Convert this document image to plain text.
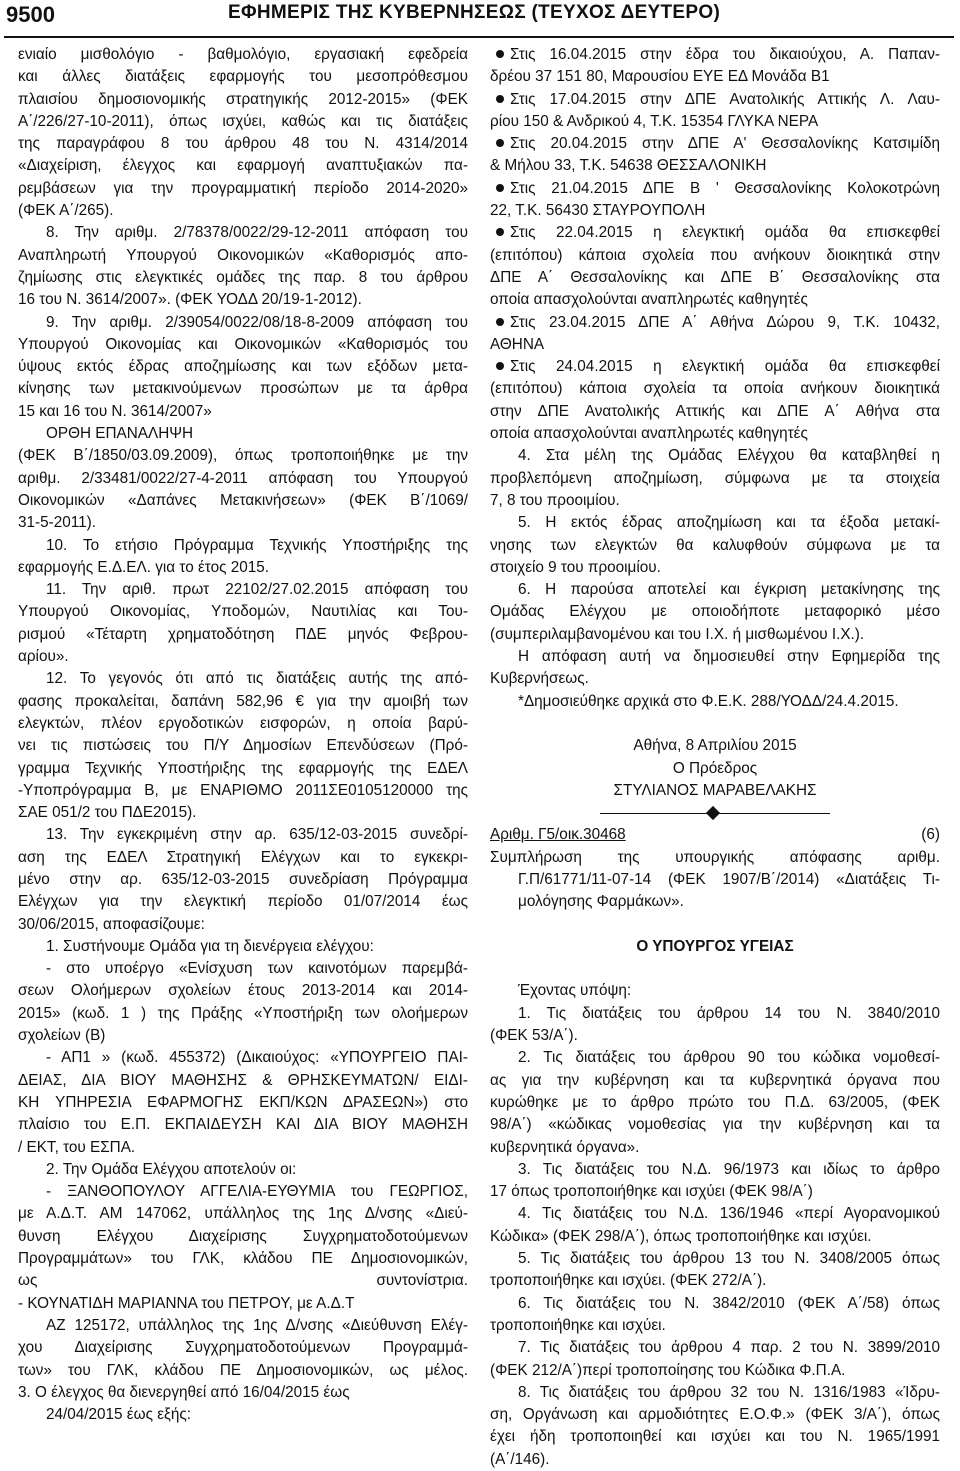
9500	ΕΦΗΜΕΡΙΣ ΤΗΣ ΚΥΒΕΡΝΗΣΕΩΣ (ΤΕΥΧΟΣ ΔΕΥΤΕΡΟ)
ενιαίο μισθολόγιο - βαθμολόγιο, εργασιακή εφεδρεία
και άλλες διατάξεις εφαρμογής του μεσοπρόθεσμου
πλαισίου δημοσιονομικής στρατηγικής 2012-2015» (ΦΕΚ
Α΄/226/27-10-2011), όπως ισχύει, καθώς και τις διατάξεις
της παραγράφου 8 του άρθρου 48 του Ν. 4314/2014
«Διαχείριση, έλεγχος και εφαρμογή αναπτυξιακών πα-
ρεμβάσεων για την προγραμματική περίοδο 2014-2020»
(ΦΕΚ Α΄/265).
8. Την αριθμ. 2/78378/0022/29-12-2011 απόφαση του
Αναπληρωτή Υπουργού Οικονομικών «Καθορισμός απο-
ζημίωσης στις ελεγκτικές ομάδες της παρ. 8 του άρθρου
16 του Ν. 3614/2007». (ΦΕΚ ΥΟΔΔ 20/19-1-2012).
9. Την αριθμ. 2/39054/0022/08/18-8-2009 απόφαση του
Υπουργού Οικονομίας και Οικονομικών «Καθορισμός του
ύψους εκτός έδρας αποζημίωσης και των εξόδων μετα-
κίνησης των μετακινούμενων προσώπων με τα άρθρα
15 και 16 του Ν. 3614/2007»
ΟΡΘΗ ΕΠΑΝΑΛΗΨΗ
(ΦΕΚ Β΄/1850/03.09.2009), όπως τροποποιήθηκε με την
αριθμ. 2/33481/0022/27-4-2011 απόφαση του Υπουργού
Οικονομικών «Δαπάνες Μετακινήσεων» (ΦΕΚ Β΄/1069/
31-5-2011).
10. Το ετήσιο Πρόγραμμα Τεχνικής Υποστήριξης της
εφαρμογής Ε.Δ.ΕΛ. για το έτος 2015.
11. Την αριθ. πρωτ 22102/27.02.2015 απόφαση του
Υπουργού Οικονομίας, Υποδομών, Ναυτιλίας και Του-
ρισμού «Τέταρτη χρηματοδότηση ΠΔΕ μηνός Φεβρου-
αρίου».
12. Το γεγονός ότι από τις διατάξεις αυτής της από-
φασης προκαλείται, δαπάνη 582,96 € για την αμοιβή των
ελεγκτών, πλέον εργοδοτικών εισφορών, η οποία βαρύ-
νει τις πιστώσεις του Π/Υ Δημοσίων Επενδύσεων (Πρό-
γραμμα Τεχνικής Υποστήριξης της εφαρμογής της ΕΔΕΛ
-Υποπρόγραμμα Β, με ΕΝΑΡΙΘΜΟ 2011ΣΕ0105120000 της
ΣΑΕ 051/2 του ΠΔΕ2015).
13. Την εγκεκριμένη στην αρ. 635/12-03-2015 συνεδρί-
αση της ΕΔΕΛ Στρατηγική Ελέγχων και το εγκεκρι-
μένο στην αρ. 635/12-03-2015 συνεδρίαση Πρόγραμμα
Ελέγχων για την ελεγκτική περίοδο 01/07/2014 έως
30/06/2015, αποφασίζουμε:
1. Συστήνουμε Ομάδα για τη διενέργεια ελέγχου:
- στο υποέργο «Ενίσχυση των καινοτόμων παρεμβά-
σεων Ολοήμερων σχολείων έτους 2013-2014 και 2014-
2015» (κωδ. 1 ) της Πράξης «Υποστήριξη των ολοήμερων
σχολείων (Β)
- ΑΠ1 » (κωδ. 455372) (Δικαιούχος: «ΥΠΟΥΡΓΕΙΟ ΠΑΙ-
ΔΕΙΑΣ, ΔΙΑ ΒΙΟΥ ΜΑΘΗΣΗΣ & ΘΡΗΣΚΕΥΜΑΤΩΝ/ ΕΙΔΙ-
ΚΗ ΥΠΗΡΕΣΙΑ ΕΦΑΡΜΟΓΗΣ ΕΚΠ/ΚΩΝ ΔΡΑΣΕΩΝ») στο
πλαίσιο του Ε.Π. ΕΚΠΑΙΔΕΥΣΗ ΚΑΙ ΔΙΑ ΒΙΟΥ ΜΑΘΗΣΗ
/ ΕΚΤ, του ΕΣΠΑ.
2. Την Ομάδα Ελέγχου αποτελούν οι:
- ΞΑΝΘΟΠΟΥΛΟΥ ΑΓΓΕΛΙΑ-ΕΥΘΥΜΙΑ του ΓΕΩΡΓΙΟΣ,
με Α.Δ.Τ. ΑΜ 147062, υπάλληλος της 1ης Δ/νσης «Διεύ-
θυνση Ελέγχου Διαχείρισης Συγχρηματοδοτούμενων
Προγραμμάτων» του ΓΛΚ, κλάδου ΠΕ Δημοσιονομικών,
ως συντονίστρια.
- ΚΟΥΝΑΤΙΔΗ ΜΑΡΙΑΝΝΑ του ΠΕΤΡΟΥ, με Α.Δ.Τ
ΑΖ 125172, υπάλληλος της 1ης Δ/νσης «Διεύθυνση Ελέγ-
χου Διαχείρισης Συγχρηματοδοτούμενων Προγραμμά-
των» του ΓΛΚ, κλάδου ΠΕ Δημοσιονομικών, ως μέλος.
3. Ο έλεγχος θα διενεργηθεί από 16/04/2015 έως
24/04/2015 έως εξής:
Στις 16.04.2015 στην έδρα του δικαιούχου, Α. Παπαν-
δρέου 37 151 80, Μαρουσίου ΕΥΕ ΕΔ Μονάδα Β1
Στις 17.04.2015 στην ΔΠΕ Ανατολικής Αττικής Λ. Λαυ-
ρίου 150 & Ανδρικού 4, Τ.Κ. 15354 ΓΛΥΚΑ ΝΕΡΑ
Στις 20.04.2015 στην ΔΠΕ Α' Θεσσαλονίκης Κατσιμίδη
& Μήλου 33, Τ.Κ. 54638 ΘΕΣΣΑΛΟΝΙΚΗ
Στις 21.04.2015 ΔΠΕ Β ' Θεσσαλονίκης Κολοκοτρώνη
22, Τ.Κ. 56430 ΣΤΑΥΡΟΥΠΟΛΗ
Στις 22.04.2015 η ελεγκτική ομάδα θα επισκεφθεί
(επιτόπου) κάποια σχολεία που ανήκουν διοικητικά στην
ΔΠΕ Α΄ Θεσσαλονίκης και ΔΠΕ Β΄ Θεσσαλονίκης στα
οποία απασχολούνται αναπληρωτές καθηγητές
Στις 23.04.2015 ΔΠΕ Α΄ Αθήνα Δώρου 9, Τ.Κ. 10432,
ΑΘΗΝΑ
Στις 24.04.2015 η ελεγκτική ομάδα θα επισκεφθεί
(επιτόπου) κάποια σχολεία τα οποία ανήκουν διοικητικά
στην ΔΠΕ Ανατολικής Αττικής και ΔΠΕ Α΄ Αθήνα στα
οποία απασχολούνται αναπληρωτές καθηγητές
4. Στα μέλη της Ομάδας Ελέγχου θα καταβληθεί η
προβλεπόμενη αποζημίωση, σύμφωνα με τα στοιχεία
7, 8 του προοιμίου.
5. Η εκτός έδρας αποζημίωση και τα έξοδα μετακί-
νησης των ελεγκτών θα καλυφθούν σύμφωνα με τα
στοιχείο 9 του προοιμίου.
6. Η παρούσα αποτελεί και έγκριση μετακίνησης της
Ομάδας Ελέγχου με οποιοδήποτε μεταφορικό μέσο
(συμπεριλαμβανομένου και του Ι.Χ. ή μισθωμένου Ι.Χ.).
Η απόφαση αυτή να δημοσιευθεί στην Εφημερίδα της
Κυβερνήσεως.
*Δημοσιεύθηκε αρχικά στο Φ.Ε.Κ. 288/ΥΟΔΔ/24.4.2015.
Αθήνα, 8 Απριλίου 2015
Ο Πρόεδρος
ΣΤΥΛΙΑΝΟΣ ΜΑΡΑΒΕΛΑΚΗΣ
Αριθμ. Γ5/οικ.30468	(6)
Συμπλήρωση της υπουργικής απόφασης αριθμ.
Γ.Π/61771/11-07-14 (ΦΕΚ 1907/Β΄/2014) «Διατάξεις Τι-
μολόγησης Φαρμάκων».
Ο ΥΠΟΥΡΓΟΣ ΥΓΕΙΑΣ
Έχοντας υπόψη:
1. Τις διατάξεις του άρθρου 14 του Ν. 3840/2010
(ΦΕΚ 53/Α΄).
2. Τις διατάξεις του άρθρου 90 του κώδικα νομοθεσί-
ας για την κυβέρνηση και τα κυβερνητικά όργανα που
κυρώθηκε με το άρθρο πρώτο του Π.Δ. 63/2005, (ΦΕΚ
98/Α΄) «κώδικας νομοθεσίας για την κυβέρνηση και τα
κυβερνητικά όργανα».
3. Τις διατάξεις του Ν.Δ. 96/1973 και ιδίως το άρθρο
17 όπως τροποποιήθηκε και ισχύει (ΦΕΚ 98/Α΄)
4. Τις διατάξεις του Ν.Δ. 136/1946 «περί Αγορανομικού
Κώδικα» (ΦΕΚ 298/Α΄), όπως τροποποιήθηκε και ισχύει.
5. Τις διατάξεις του άρθρου 13 του Ν. 3408/2005 όπως
τροποποιήθηκε και ισχύει. (ΦΕΚ 272/Α΄).
6. Τις διατάξεις του Ν. 3842/2010 (ΦΕΚ Α΄/58) όπως
τροποποιήθηκε και ισχύει.
7. Τις διατάξεις του άρθρου 4 παρ. 2 του Ν. 3899/2010
(ΦΕΚ 212/Α΄)περί τροποποίησης του Κώδικα Φ.Π.Α.
8. Τις διατάξεις του άρθρου 32 του Ν. 1316/1983 «Ίδρυ-
ση, Οργάνωση και αρμοδιότητες Ε.Ο.Φ.» (ΦΕΚ 3/Α΄), όπως
έχει ήδη τροποποιηθεί και ισχύει και του Ν. 1965/1991
(Α΄/146).
